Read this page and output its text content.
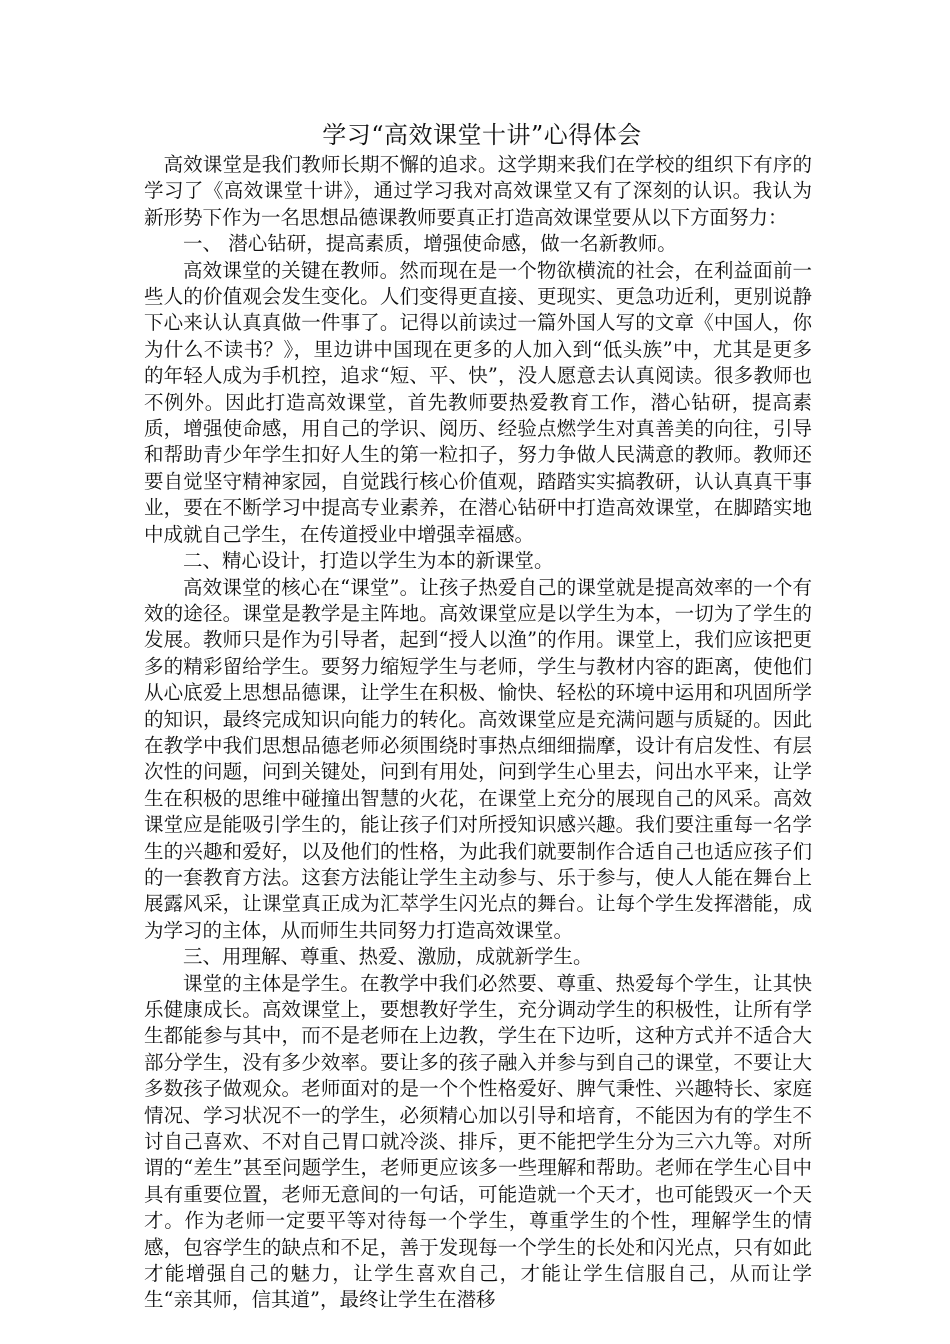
学习“高效课堂十讲”心得体会

高效课堂是我们教师长期不懈的追求。这学期来我们在学校的组织下有序的学习了《高效课堂十讲》，通过学习我对高效课堂又有了深刻的认识。我认为新形势下作为一名思想品德课教师要真正打造高效课堂要从以下方面努力：

一、 潜心钻研，提高素质，增强使命感，做一名新教师。

高效课堂的关键在教师。然而现在是一个物欲横流的社会，在利益面前一些人的价值观会发生变化。人们变得更直接、更现实、更急功近利，更别说静下心来认认真真做一件事了。记得以前读过一篇外国人写的文章《中国人，你为什么不读书？》，里边讲中国现在更多的人加入到“低头族”中，尤其是更多的年轻人成为手机控，追求“短、平、快”，没人愿意去认真阅读。很多教师也不例外。因此打造高效课堂，首先教师要热爱教育工作，潜心钻研，提高素质，增强使命感，用自己的学识、阅历、经验点燃学生对真善美的向往，引导和帮助青少年学生扣好人生的第一粒扣子，努力争做人民满意的教师。教师还要自觉坚守精神家园，自觉践行核心价值观，踏踏实实搞教研，认认真真干事业，要在不断学习中提高专业素养，在潜心钻研中打造高效课堂，在脚踏实地中成就自己学生，在传道授业中增强幸福感。

二、精心设计，打造以学生为本的新课堂。

高效课堂的核心在“课堂”。让孩子热爱自己的课堂就是提高效率的一个有效的途径。课堂是教学是主阵地。高效课堂应是以学生为本，一切为了学生的发展。教师只是作为引导者，起到“授人以渔”的作用。课堂上，我们应该把更多的精彩留给学生。要努力缩短学生与老师，学生与教材内容的距离，使他们从心底爱上思想品德课，让学生在积极、愉快、轻松的环境中运用和巩固所学的知识，最终完成知识向能力的转化。高效课堂应是充满问题与质疑的。因此在教学中我们思想品德老师必须围绕时事热点细细揣摩，设计有启发性、有层次性的问题，问到关键处，问到有用处，问到学生心里去，问出水平来，让学生在积极的思维中碰撞出智慧的火花，在课堂上充分的展现自己的风采。高效课堂应是能吸引学生的，能让孩子们对所授知识感兴趣。我们要注重每一名学生的兴趣和爱好，以及他们的性格，为此我们就要制作合适自己也适应孩子们的一套教育方法。这套方法能让学生主动参与、乐于参与，使人人能在舞台上展露风采，让课堂真正成为汇萃学生闪光点的舞台。让每个学生发挥潜能，成为学习的主体，从而师生共同努力打造高效课堂。

三、用理解、尊重、热爱、激励，成就新学生。

课堂的主体是学生。在教学中我们必然要、尊重、热爱每个学生，让其快乐健康成长。高效课堂上，要想教好学生，充分调动学生的积极性，让所有学生都能参与其中，而不是老师在上边教，学生在下边听，这种方式并不适合大部分学生，没有多少效率。要让多的孩子融入并参与到自己的课堂，不要让大多数孩子做观众。老师面对的是一个个性格爱好、脾气秉性、兴趣特长、家庭情况、学习状况不一的学生，必须精心加以引导和培育，不能因为有的学生不讨自己喜欢、不对自己胃口就冷淡、排斥，更不能把学生分为三六九等。对所谓的“差生”甚至问题学生，老师更应该多一些理解和帮助。老师在学生心目中具有重要位置，老师无意间的一句话，可能造就一个天才，也可能毁灭一个天才。作为老师一定要平等对待每一个学生，尊重学生的个性，理解学生的情感，包容学生的缺点和不足，善于发现每一个学生的长处和闪光点，只有如此才能增强自己的魅力，让学生喜欢自己，才能让学生信服自己，从而让学生“亲其师，信其道”，最终让学生在潜移
